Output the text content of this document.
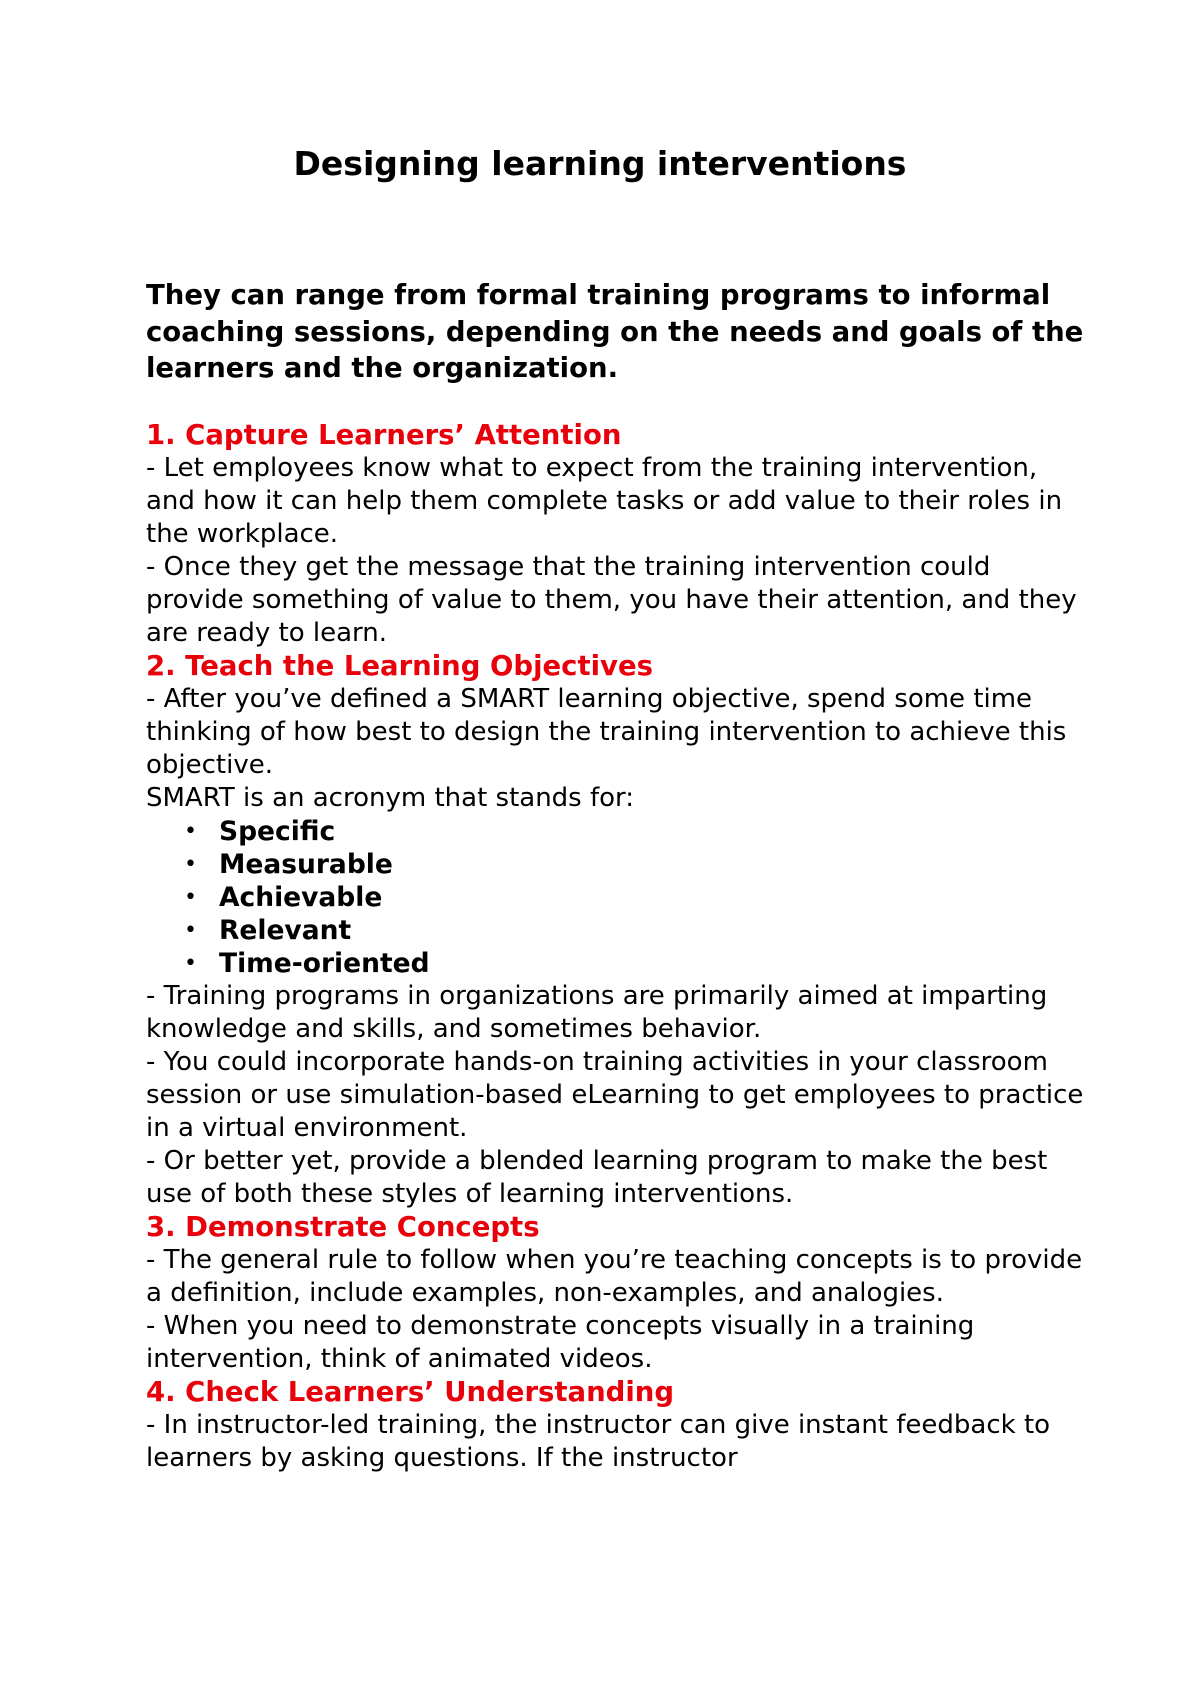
Designing learning interventions

They can range from formal training programs to informal coaching sessions, depending on the needs and goals of the learners and the organization.

1. Capture Learners’ Attention

- Let employees know what to expect from the training intervention, and how it can help them complete tasks or add value to their roles in the workplace.

- Once they get the message that the training intervention could provide something of value to them, you have their attention, and they are ready to learn.

2. Teach the Learning Objectives

- After you’ve defined a SMART learning objective, spend some time thinking of how best to design the training intervention to achieve this objective.

SMART is an acronym that stands for:

• Specific
• Measurable
• Achievable
• Relevant
• Time-oriented

- Training programs in organizations are primarily aimed at imparting knowledge and skills, and sometimes behavior.

- You could incorporate hands-on training activities in your classroom session or use simulation-based eLearning to get employees to practice in a virtual environment.

- Or better yet, provide a blended learning program to make the best use of both these styles of learning interventions.

3. Demonstrate Concepts

- The general rule to follow when you’re teaching concepts is to provide a definition, include examples, non-examples, and analogies.

- When you need to demonstrate concepts visually in a training intervention, think of animated videos.

4. Check Learners’ Understanding

- In instructor-led training, the instructor can give instant feedback to learners by asking questions. If the instructor
